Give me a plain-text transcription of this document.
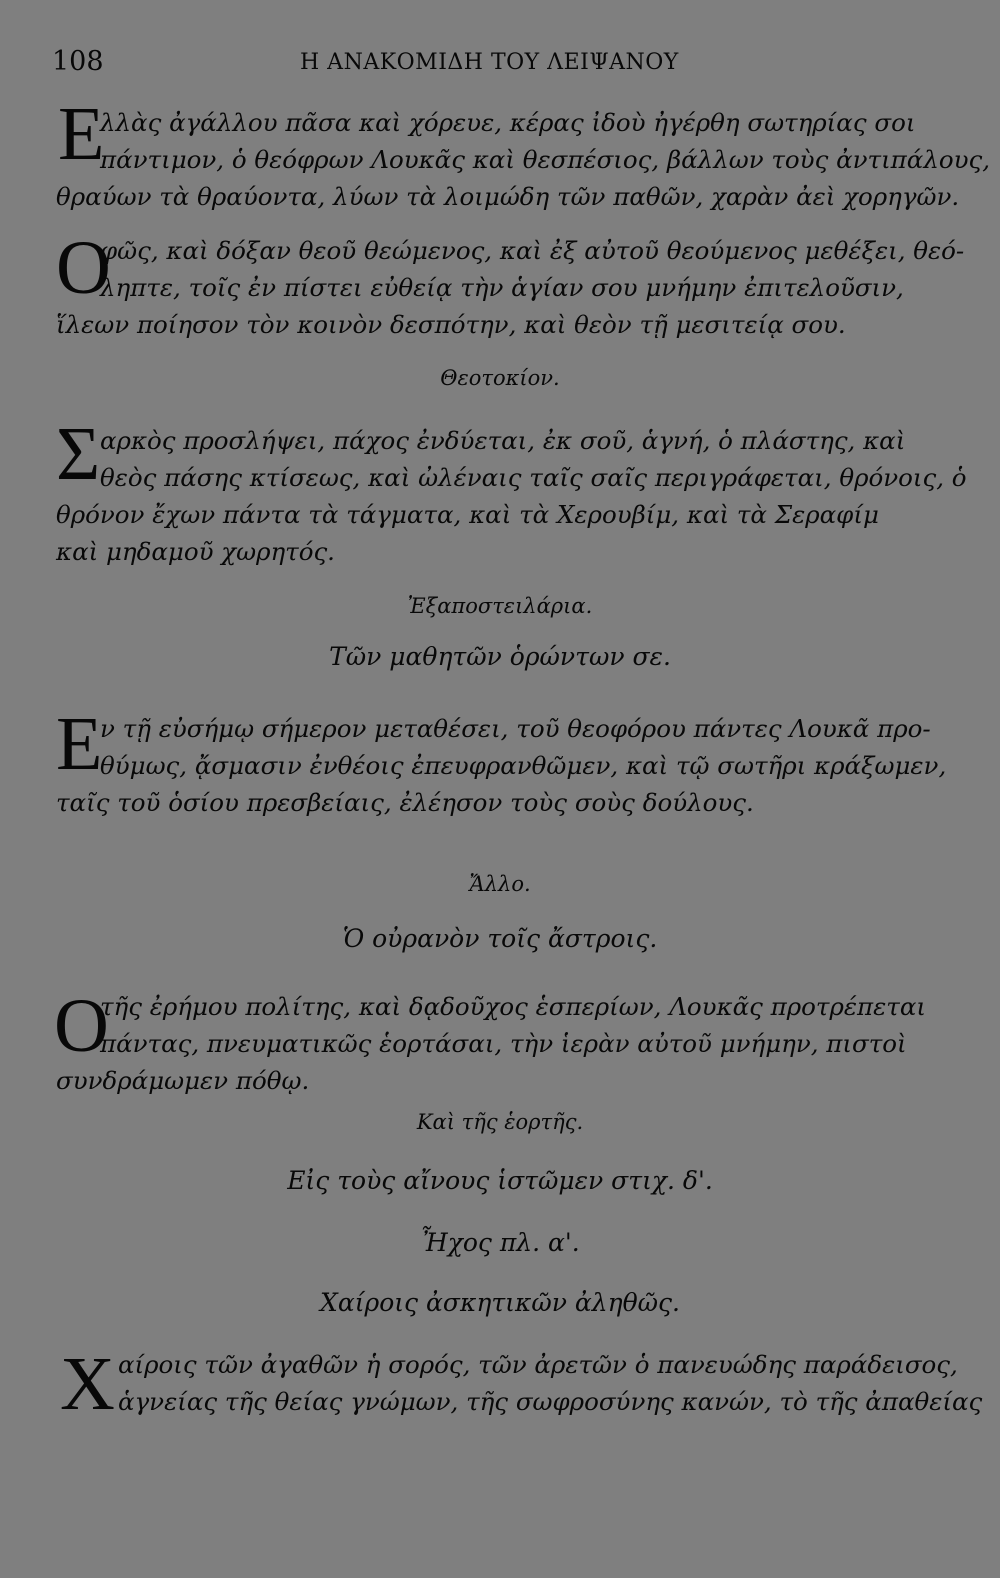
108	Η ΑΝΑΚΟΜΙΔΗ ΤΟΥ ΛΕΙΨΑΝΟΥ
Ε
λλὰς ἀγάλλου πᾶσα καὶ χόρευε, κέρας ἰδοὺ ἠγέρθη σωτηρίας σοι
πάντιμον, ὁ θεόφρων Λουκᾶς καὶ θεσπέσιος, βάλλων τοὺς ἀντιπάλους,
θραύων τὰ θραύοντα, λύων τὰ λοιμώδη τῶν παθῶν, χαρὰν ἀεὶ χορηγῶν.
Ο
φῶς, καὶ δόξαν θεοῦ θεώμενος, καὶ ἐξ αὐτοῦ θεούμενος μεθέξει, θεό-
ληπτε, τοῖς ἐν πίστει εὐθείᾳ τὴν ἁγίαν σου μνήμην ἐπιτελοῦσιν,
ἵλεων ποίησον τὸν κοινὸν δεσπότην, καὶ θεὸν τῇ μεσιτείᾳ σου.
Θεοτοκίον.
Σ αρκὸς προσλήψει, πάχος ἐνδύεται, ἐκ σοῦ, ἁγνή, ὁ πλάστης, καὶ
θεὸς πάσης κτίσεως, καὶ ὠλέναις ταῖς σαῖς περιγράφεται, θρόνοις, ὁ
θρόνον ἔχων πάντα τὰ τάγματα, καὶ τὰ Χερουβίμ, καὶ τὰ Σεραφίμ
καὶ μηδαμοῦ χωρητός.
Ἐξαποστειλάρια.
Τῶν μαθητῶν ὁρώντων σε.
Ε
ν τῇ εὐσήμῳ σήμερον μεταθέσει, τοῦ θεοφόρου πάντες Λουκᾶ προ-
θύμως, ᾄσμασιν ἐνθέοις ἐπευφρανθῶμεν, καὶ τῷ σωτῆρι κράξωμεν,
ταῖς τοῦ ὁσίου πρεσβείαις, ἐλέησον τοὺς σοὺς δούλους.
Ἄλλο.
Ὁ οὐρανὸν τοῖς ἄστροις.
Ο
τῆς ἐρήμου πολίτης, καὶ δᾳδοῦχος ἑσπερίων, Λουκᾶς προτρέπεται
πάντας, πνευματικῶς ἑορτάσαι, τὴν ἱερὰν αὐτοῦ μνήμην, πιστοὶ
συνδράμωμεν πόθῳ.
Καὶ τῆς ἑορτῆς.
Εἰς τοὺς αἴνους ἱστῶμεν στιχ. δ'.
Ἦχος πλ. α'.
Χαίροις ἀσκητικῶν ἀληθῶς.
Χ αίροις τῶν ἀγαθῶν ἡ σορός, τῶν ἀρετῶν ὁ πανευώδης παράδεισος,
ἁγνείας τῆς θείας γνώμων, τῆς σωφροσύνης κανών, τὸ τῆς ἀπαθείας
